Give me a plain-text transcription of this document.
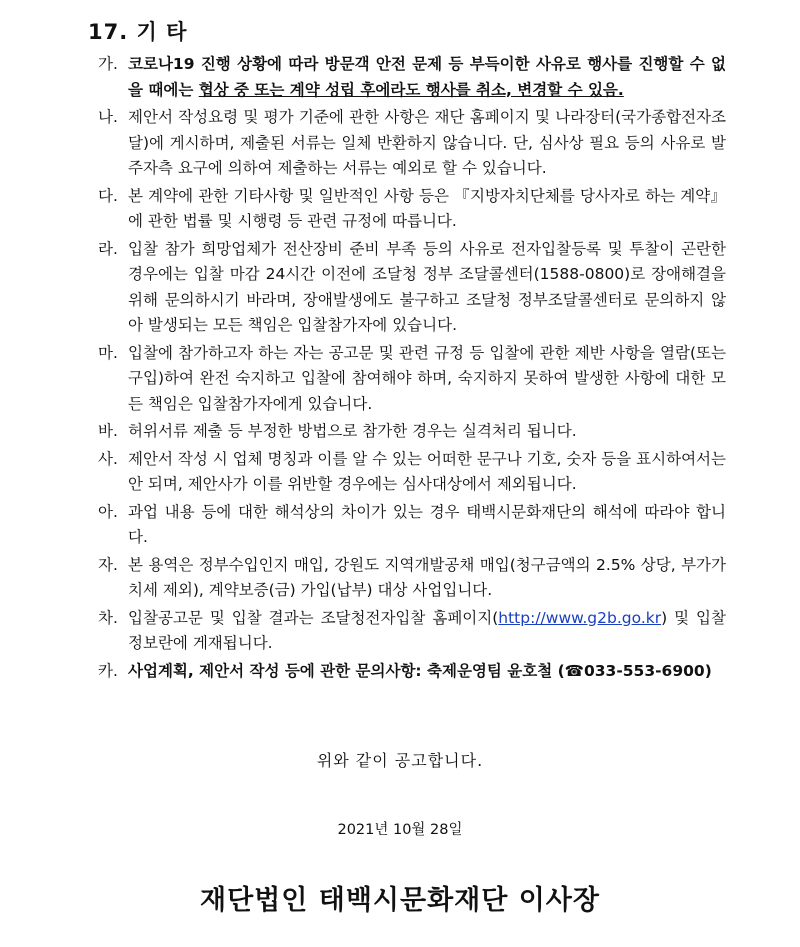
17. 기 타
가. 코로나19 진행 상황에 따라 방문객 안전 문제 등 부득이한 사유로 행사를 진행할 수 없을 때에는 협상 중 또는 계약 성립 후에라도 행사를 취소, 변경할 수 있음.
나. 제안서 작성요령 및 평가 기준에 관한 사항은 재단 홈페이지 및 나라장터(국가종합전자조달)에 게시하며, 제출된 서류는 일체 반환하지 않습니다. 단, 심사상 필요 등의 사유로 발주자측 요구에 의하여 제출하는 서류는 예외로 할 수 있습니다.
다. 본 계약에 관한 기타사항 및 일반적인 사항 등은 『지방자치단체를 당사자로 하는 계약』에 관한 법률 및 시행령 등 관련 규정에 따릅니다.
라. 입찰 참가 희망업체가 전산장비 준비 부족 등의 사유로 전자입찰등록 및 투찰이 곤란한 경우에는 입찰 마감 24시간 이전에 조달청 정부 조달콜센터(1588-0800)로 장애해결을 위해 문의하시기 바라며, 장애발생에도 불구하고 조달청 정부조달콜센터로 문의하지 않아 발생되는 모든 책임은 입찰참가자에 있습니다.
마. 입찰에 참가하고자 하는 자는 공고문 및 관련 규정 등 입찰에 관한 제반 사항을 열람(또는 구입)하여 완전 숙지하고 입찰에 참여해야 하며, 숙지하지 못하여 발생한 사항에 대한 모든 책임은 입찰참가자에게 있습니다.
바. 허위서류 제출 등 부정한 방법으로 참가한 경우는 실격처리 됩니다.
사. 제안서 작성 시 업체 명칭과 이를 알 수 있는 어떠한 문구나 기호, 숫자 등을 표시하여서는 안 되며, 제안사가 이를 위반할 경우에는 심사대상에서 제외됩니다.
아. 과업 내용 등에 대한 해석상의 차이가 있는 경우 태백시문화재단의 해석에 따라야 합니다.
자. 본 용역은 정부수입인지 매입, 강원도 지역개발공채 매입(청구금액의 2.5% 상당, 부가가치세 제외), 계약보증(금) 가입(납부) 대상 사업입니다.
차. 입찰공고문 및 입찰 결과는 조달청전자입찰 홈페이지(http://www.g2b.go.kr) 및 입찰정보란에 게재됩니다.
카. 사업계획, 제안서 작성 등에 관한 문의사항: 축제운영팀 윤호철 (☎033-553-6900)
위와 같이 공고합니다.
2021년 10월 28일
재단법인 태백시문화재단 이사장
